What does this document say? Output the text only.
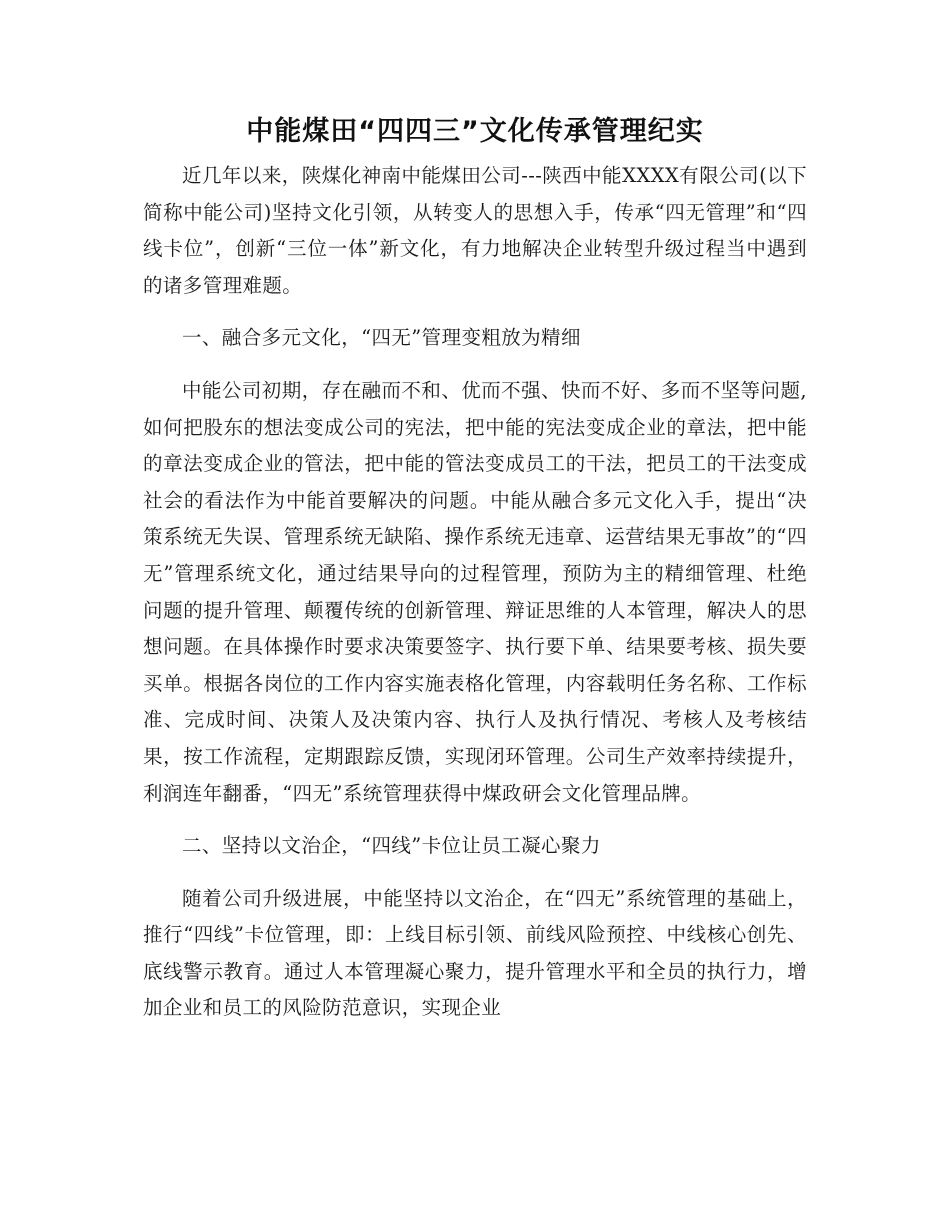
中能煤田“四四三”文化传承管理纪实

近几年以来，陕煤化神南中能煤田公司---陕西中能XXXX有限公司(以下简称中能公司)坚持文化引领，从转变人的思想入手，传承“四无管理”和“四线卡位”，创新“三位一体”新文化，有力地解决企业转型升级过程当中遇到的诸多管理难题。

一、融合多元文化，“四无”管理变粗放为精细

中能公司初期，存在融而不和、优而不强、快而不好、多而不坚等问题,如何把股东的想法变成公司的宪法，把中能的宪法变成企业的章法，把中能的章法变成企业的管法，把中能的管法变成员工的干法，把员工的干法变成社会的看法作为中能首要解决的问题。中能从融合多元文化入手，提出“决策系统无失误、管理系统无缺陷、操作系统无违章、运营结果无事故”的“四无”管理系统文化，通过结果导向的过程管理，预防为主的精细管理、杜绝问题的提升管理、颠覆传统的创新管理、辩证思维的人本管理，解决人的思想问题。在具体操作时要求决策要签字、执行要下单、结果要考核、损失要买单。根据各岗位的工作内容实施表格化管理，内容载明任务名称、工作标准、完成时间、决策人及决策内容、执行人及执行情况、考核人及考核结果，按工作流程，定期跟踪反馈，实现闭环管理。公司生产效率持续提升，利润连年翻番，“四无”系统管理获得中煤政研会文化管理品牌。

二、坚持以文治企，“四线”卡位让员工凝心聚力

随着公司升级进展，中能坚持以文治企，在“四无”系统管理的基础上，推行“四线”卡位管理，即：上线目标引领、前线风险预控、中线核心创先、底线警示教育。通过人本管理凝心聚力，提升管理水平和全员的执行力，增加企业和员工的风险防范意识，实现企业
